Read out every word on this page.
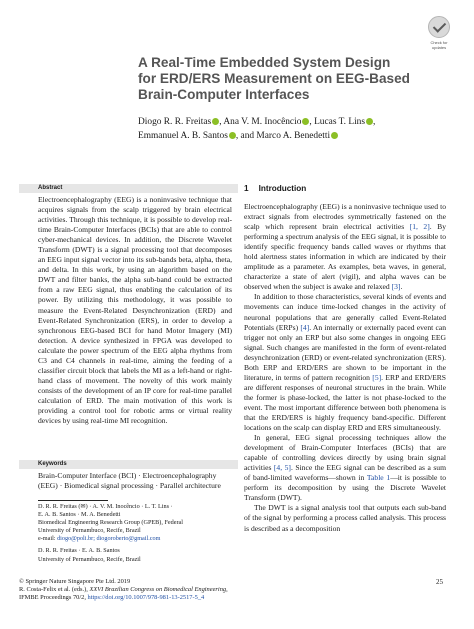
Check for updates
A Real-Time Embedded System Design
for ERD/ERS Measurement on EEG-Based
Brain-Computer Interfaces
Diogo R. R. Freitas , Ana V. M. Inocêncio , Lucas T. Lins ,
Emmanuel A. B. Santos , and Marco A. Benedetti
Abstract
Electroencephalography (EEG) is a noninvasive technique that acquires signals from the scalp triggered by brain electrical activities. Through this technique, it is possible to develop real-time Brain-Computer Interfaces (BCIs) that are able to control cyber-mechanical devices. In addition, the Discrete Wavelet Transform (DWT) is a signal processing tool that decomposes an EEG input signal vector into its sub-bands beta, alpha, theta, and delta. In this work, by using an algorithm based on the DWT and filter banks, the alpha sub-band could be extracted from a raw EEG signal, thus enabling the calculation of its power. By utilizing this methodology, it was possible to measure the Event-Related Desynchronization (ERD) and Event-Related Synchronization (ERS), in order to develop a synchronous EEG-based BCI for hand Motor Imagery (MI) detection. A device synthesized in FPGA was developed to calculate the power spectrum of the EEG alpha rhythms from C3 and C4 channels in real-time, aiming the feeding of a classifier circuit block that labels the MI as a left-hand or right-hand class of movement. The novelty of this work mainly consists of the development of an IP core for real-time parallel calculation of ERD. The main motivation of this work is providing a control tool for robotic arms or virtual reality devices by using real-time MI recognition.
Keywords
Brain-Computer Interface (BCI) · Electroencephalography (EEG) · Biomedical signal processing · Parallel architecture
D. R. R. Freitas (✉) · A. V. M. Inocêncio · L. T. Lins ·
E. A. B. Santos · M. A. Benedetti
Biomedical Engineering Research Group (GPEB), Federal
University of Pernambuco, Recife, Brazil
e-mail: diogo@poli.br; diogoroberto@gmail.com
D. R. R. Freitas · E. A. B. Santos
University of Pernambuco, Recife, Brazil
1 Introduction

Electroencephalography (EEG) is a noninvasive technique used to extract signals from electrodes symmetrically fastened on the scalp which represent brain electrical activities [1, 2]. By performing a spectrum analysis of the EEG signal, it is possible to identify specific frequency bands called waves or rhythms that hold alertness states information in which are indicated by their amplitude as a parameter. As examples, beta waves, in general, characterize a state of alert (vigil), and alpha waves can be observed when the subject is awake and relaxed [3].

In addition to those characteristics, several kinds of events and movements can induce time-locked changes in the activity of neuronal populations that are generally called Event-Related Potentials (ERPs) [4]. An internally or externally paced event can trigger not only an ERP but also some changes in ongoing EEG signal. Such changes are manifested in the form of event-related desynchronization (ERD) or event-related synchronization (ERS). Both ERP and ERD/ERS are shown to be important in the literature, in terms of pattern recognition [5]. ERP and ERD/ERS are different responses of neuronal structures in the brain. While the former is phase-locked, the latter is not phase-locked to the event. The most important difference between both phenomena is that the ERD/ERS is highly frequency band-specific. Different locations on the scalp can display ERD and ERS simultaneously.

In general, EEG signal processing techniques allow the development of Brain-Computer Interfaces (BCIs) that are capable of controlling devices directly by using brain signal activities [4, 5]. Since the EEG signal can be described as a sum of band-limited waveforms—shown in Table 1—it is possible to perform its decomposition by using the Discrete Wavelet Transform (DWT).

The DWT is a signal analysis tool that outputs each sub-band of the signal by performing a process called analysis. This process is described as a decomposition

25
© Springer Nature Singapore Pte Ltd. 2019
R. Costa-Felix et al. (eds.), XXVI Brazilian Congress on Biomedical Engineering,
IFMBE Proceedings 70/2, https://doi.org/10.1007/978-981-13-2517-5_4
